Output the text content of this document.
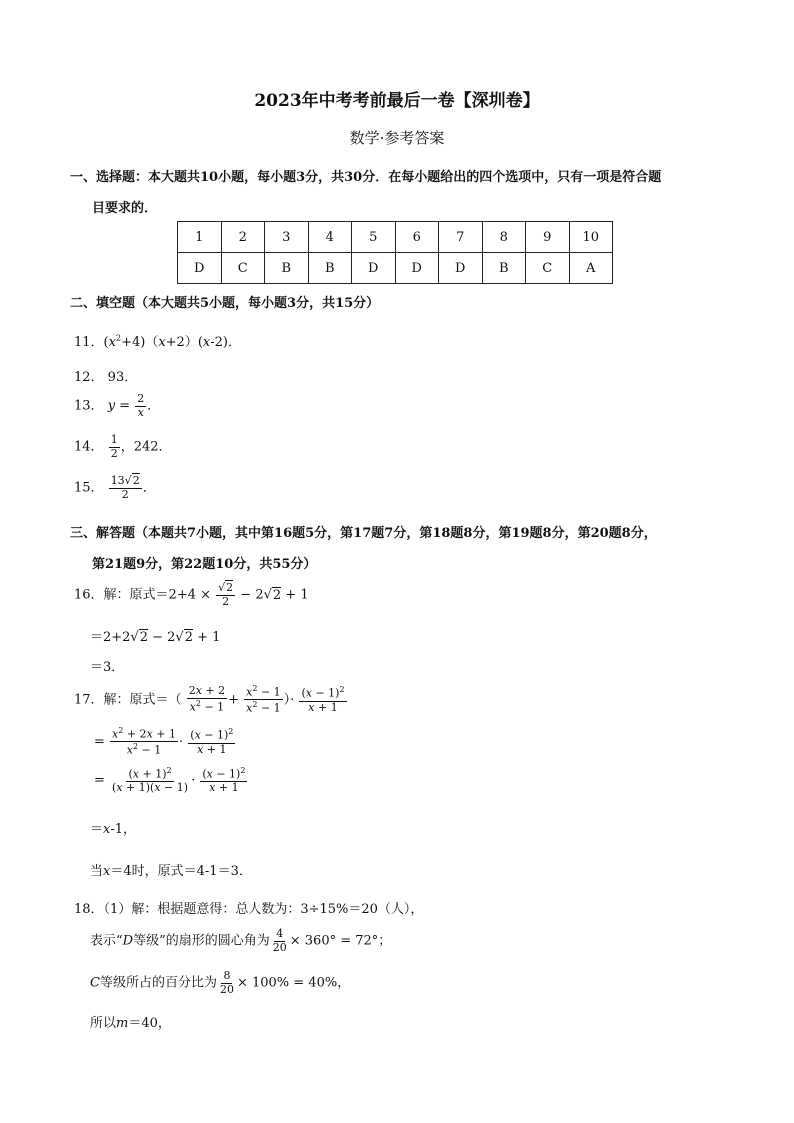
2023年中考考前最后一卷【深圳卷】
数学·参考答案
一、选择题：本大题共10小题，每小题3分，共30分．在每小题给出的四个选项中，只有一项是符合题
目要求的．
1	2	3	4	5	6	7	8	9	10
D	C	B	B	D	D	D	B	C	A
二、填空题（本大题共5小题，每小题3分，共15分）
11．$(x^2+4)(x+2)(x-2)$．
12． 93．
13． $y = \frac{2}{x}$ ．
14． $\frac{1}{2}$ ，242．
15． $\frac{13√2}{2}$ ．
三、解答题（本题共7小题，其中第16题5分，第17题7分，第18题8分，第19题8分，第20题8分，
第21题9分，第22题10分，共55分）
16．解：原式$=2+4 \times \frac{√2}{2} - 2√2 + 1$
＝2+2√2 − 2√2 + 1
＝3．
17．解：原式＝（ $\frac{2x + 2}{x^2 - 1} + \frac{x^2 - 1}{x^2 - 1}$ ）· $\frac{(x - 1)^2}{x + 1}$
= $\frac{x^2 + 2x + 1}{x^2 - 1} \cdot \frac{(x - 1)^2}{x + 1}$
= $\frac{(x + 1)^2}{(x + 1)(x - 1)} \cdot \frac{(x - 1)^2}{x + 1}$
＝x-1，
当x＝4时，原式＝4-1＝3．
18．（1）解：根据题意得：总人数为：3÷15%＝20（人），
表示“D等级”的扇形的圆心角为 $\frac{4}{20} \times 360^\circ = 72^\circ$；
C等级所占的百分比为 $\frac{8}{20} \times 100\% = 40\%$，
所以m＝40，
